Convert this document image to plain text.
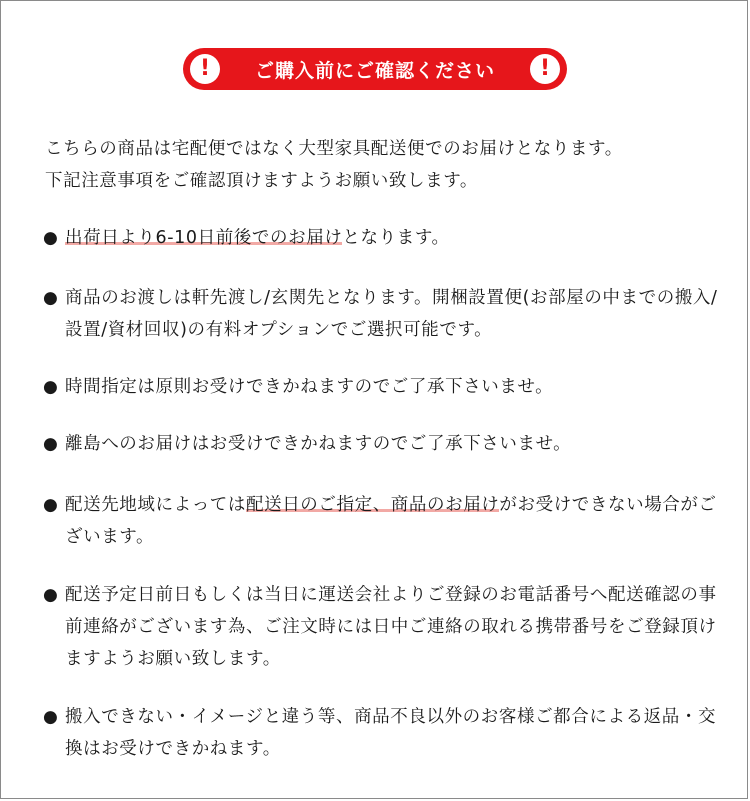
!	ご購入前にご確認ください	!
こちらの商品は宅配便ではなく大型家具配送便でのお届けとなります。
下記注意事項をご確認頂けますようお願い致します。
● 出荷日より6-10日前後でのお届けとなります。
● 商品のお渡しは軒先渡し/玄関先となります。開梱設置便(お部屋の中までの搬入/設置/資材回収)の有料オプションでご選択可能です。
● 時間指定は原則お受けできかねますのでご了承下さいませ。
● 離島へのお届けはお受けできかねますのでご了承下さいませ。
● 配送先地域によっては配送日のご指定、商品のお届けがお受けできない場合がございます。
● 配送予定日前日もしくは当日に運送会社よりご登録のお電話番号へ配送確認の事前連絡がございます為、ご注文時には日中ご連絡の取れる携帯番号をご登録頂けますようお願い致します。
● 搬入できない・イメージと違う等、商品不良以外のお客様ご都合による返品・交換はお受けできかねます。
